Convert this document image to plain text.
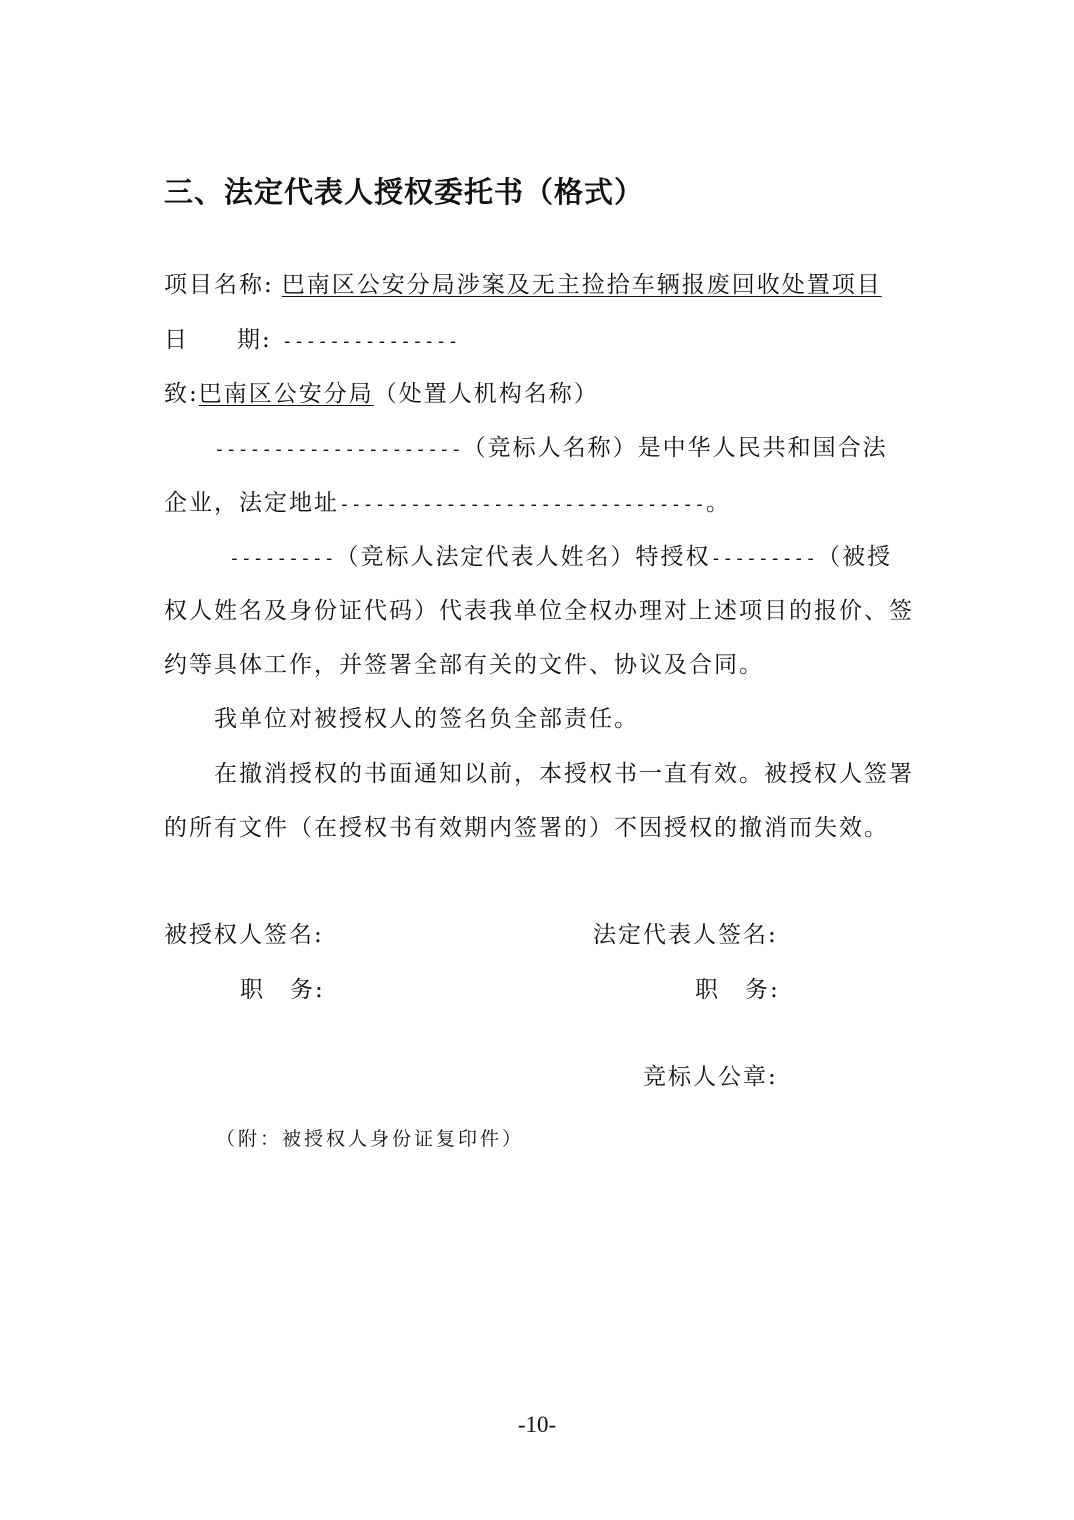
三、法定代表人授权委托书（格式）
项目名称: 巴南区公安分局涉案及无主捡拾车辆报废回收处置项目
日 期: ---------------
致:巴南区公安分局（处置人机构名称）
---------------------（竞标人名称）是中华人民共和国合法
企业，法定地址-------------------------------。
---------（竞标人法定代表人姓名）特授权---------（被授
权人姓名及身份证代码）代表我单位全权办理对上述项目的报价、签
约等具体工作，并签署全部有关的文件、协议及合同。
我单位对被授权人的签名负全部责任。
在撤消授权的书面通知以前，本授权书一直有效。被授权人签署
的所有文件（在授权书有效期内签署的）不因授权的撤消而失效。
被授权人签名:
职　务:
法定代表人签名:
职　务:
竞标人公章:
（附：被授权人身份证复印件）
-10-
